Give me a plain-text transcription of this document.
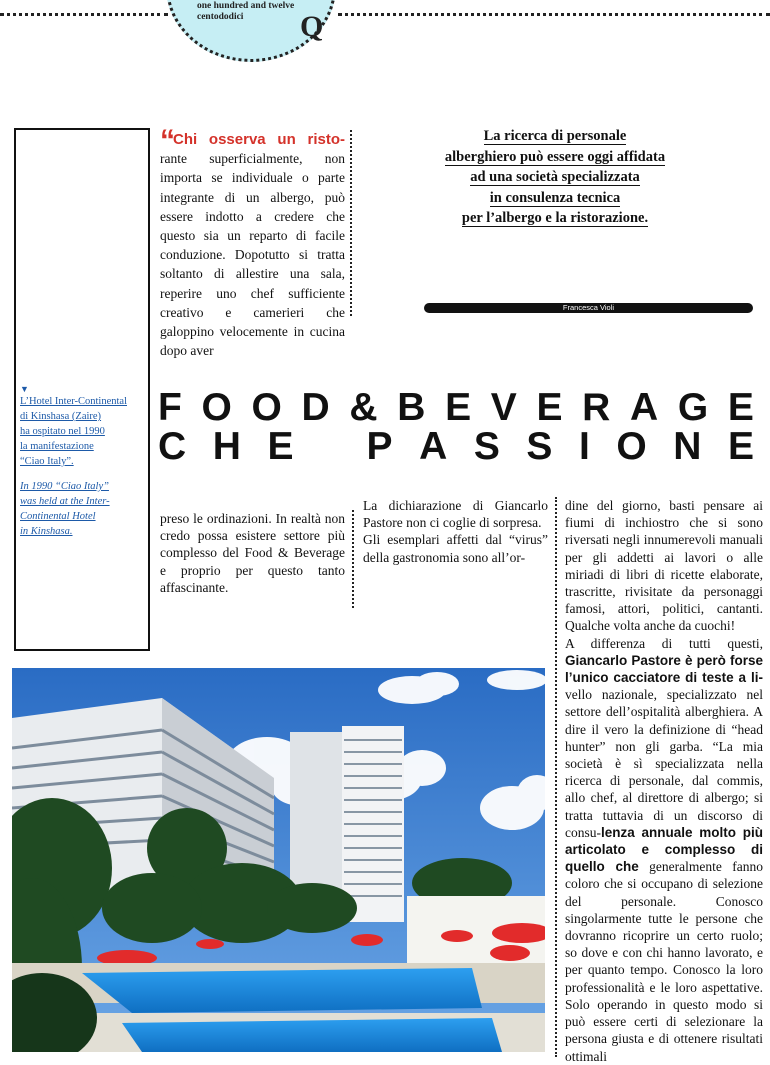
one hundred and twelve
centododici	Q
▼
L’Hotel Inter-Continental
di Kinshasa (Zaire)
ha ospitato nel 1990
la manifestazione
“Ciao Italy”.
In 1990 “Ciao Italy”
was held at the Inter-
Continental Hotel
in Kinshasa.
“Chi osserva un risto- rante superficialmente, non importa se individuale o parte integrante di un albergo, può essere indotto a credere che questo sia un reparto di facile conduzione. Dopotutto si tratta soltanto di allestire una sala, reperire uno chef sufficiente creativo e camerieri che galoppino velocemente in cucina dopo aver
La ricerca di personale
alberghiero può essere oggi affidata
ad una società specializzata
in consulenza tecnica
per l’albergo e la ristorazione.
Francesca Violi
F O O D & B E V E R A G E
C H E P A S S I O N E
preso le ordinazioni. In realtà non credo possa esistere settore più complesso del Food & Beverage e proprio per questo tanto affascinante.
La dichiarazione di Giancarlo Pastore non ci coglie di sorpresa.
Gli esemplari affetti dal “virus” della gastronomia sono all’or-
dine del giorno, basti pensare ai fiumi di inchiostro che si sono riversati negli innumerevoli manuali per gli addetti ai lavori o alle miriadi di libri di ricette elaborate, trascritte, rivisitate da personaggi famosi, attori, politici, cantanti. Qualche volta anche da cuochi!
A differenza di tutti questi, Giancarlo Pastore è però forse l’unico cacciatore di teste a li- vello nazionale, specializzato nel settore dell’ospitalità alberghiera. A dire il vero la definizione di “head hunter” non gli garba. “La mia società è sì specializzata nella ricerca di personale, dal commis, allo chef, al direttore di albergo; si tratta tuttavia di un discorso di consu-lenza annuale molto più articolato e complesso di quello che generalmente fanno coloro che si occupano di selezione del personale. Conosco singolarmente tutte le persone che dovranno ricoprire un certo ruolo; so dove e con chi hanno lavorato, e per quanto tempo. Conosco la loro professionalità e le loro aspettative. Solo operando in questo modo si può essere certi di selezionare la persona giusta e di ottenere risultati ottimali
